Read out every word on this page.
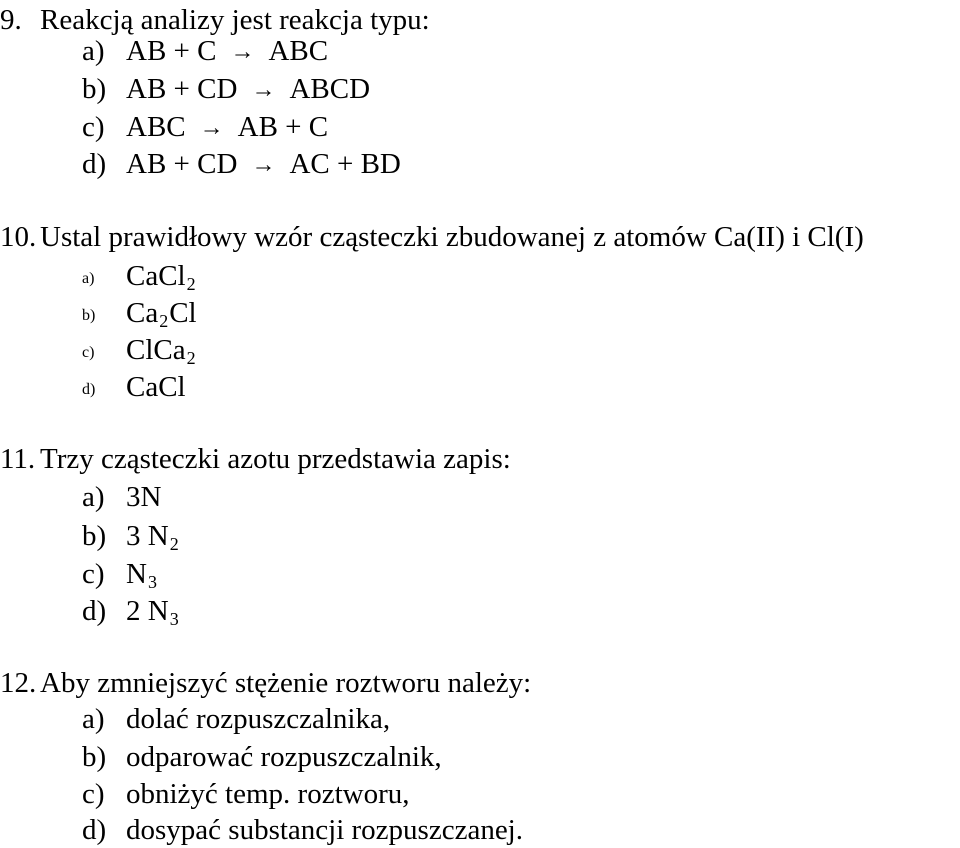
9. Reakcją analizy jest reakcja typu:
a) AB + C → ABC
b) AB + CD → ABCD
c) ABC → AB + C
d) AB + CD → AC + BD
10. Ustal prawidłowy wzór cząsteczki zbudowanej z atomów Ca(II) i Cl(I)
a) CaCl$_2$
b) $Ca_2Cl$
c) ClCa$_2$
d) CaCl
11. Trzy cząsteczki azotu przedstawia zapis:
a) 3N
b) 3 $N_2$
c) $N_3$
d) 2 $N_3$
12. Aby zmniejszyć stężenie roztworu należy:
a) dolać rozpuszczalnika,
b) odparować rozpuszczalnik,
c) obniżyć temp. roztworu,
d) dosypać substancji rozpuszczanej.
